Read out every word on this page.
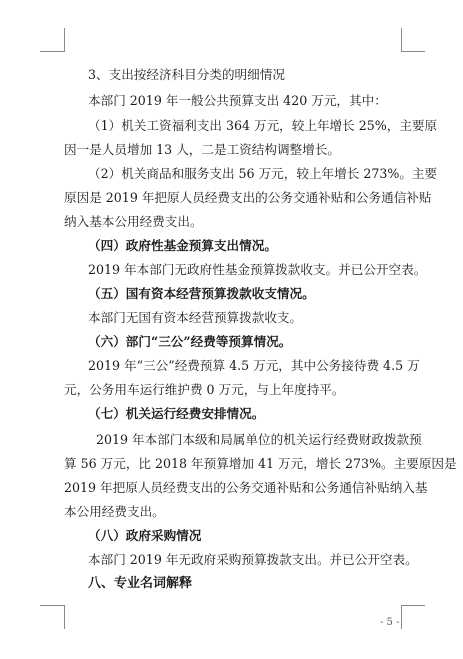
3、支出按经济科目分类的明细情况
本部门 2019 年一般公共预算支出 420 万元，其中：
（1）机关工资福利支出 364 万元，较上年增长 25%，主要原
因一是人员增加 13 人，二是工资结构调整增长。
（2）机关商品和服务支出 56 万元，较上年增长 273%。主要
原因是 2019 年把原人员经费支出的公务交通补贴和公务通信补贴
纳入基本公用经费支出。
（四）政府性基金预算支出情况。
2019 年本部门无政府性基金预算拨款收支。并已公开空表。
（五）国有资本经营预算拨款收支情况。
本部门无国有资本经营预算拨款收支。
（六）部门“三公”经费等预算情况。
2019 年“三公”经费预算 4.5 万元，其中公务接待费 4.5 万
元，公务用车运行维护费 0 万元，与上年度持平。
（七）机关运行经费安排情况。
2019 年本部门本级和局属单位的机关运行经费财政拨款预
算 56 万元，比 2018 年预算增加 41 万元，增长 273%。主要原因是
2019 年把原人员经费支出的公务交通补贴和公务通信补贴纳入基
本公用经费支出。
（八）政府采购情况
本部门 2019 年无政府采购预算拨款支出。并已公开空表。
八、专业名词解释
- 5 -
